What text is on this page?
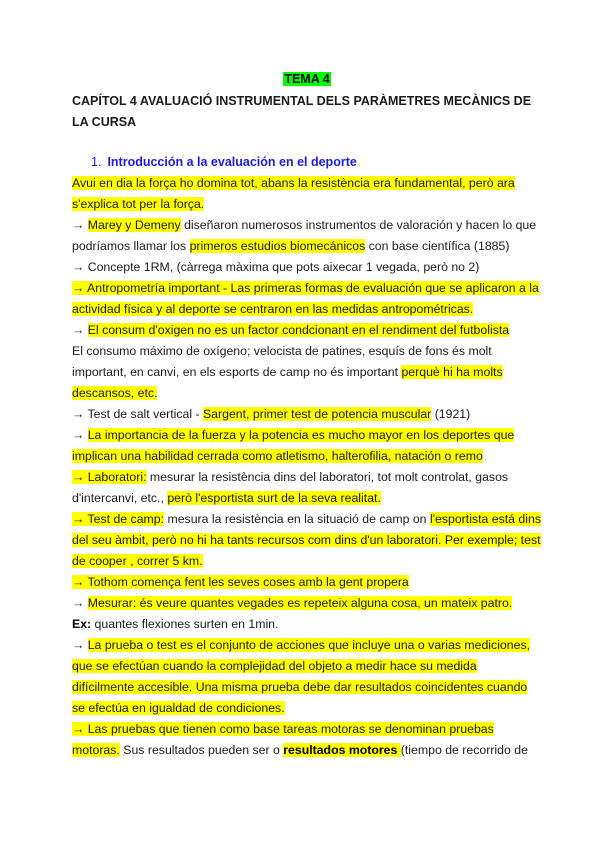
TEMA 4
CAPÍTOL 4 AVALUACIÓ INSTRUMENTAL DELS PARÀMETRES MECÀNICS DE LA CURSA
1. Introducción a la evaluación en el deporte

Avui en dia la força ho domina tot, abans la resistència era fundamental, però ara s'explica tot per la força.

→ Marey y Demeny diseñaron numerosos instrumentos de valoración y hacen lo que podríamos llamar los primeros estudios biomecánicos con base científica (1885)

→ Concepte 1RM, (càrrega màxima que pots aixecar 1 vegada, però no 2)

→ Antropometría important - Las primeras formas de evaluación que se aplicaron a la actividad física y al deporte se centraron en las medidas antropométricas.

→ El consum d'oxigen no es un factor condcionant en el rendiment del futbolista

El consumo máximo de oxígeno; velocista de patines, esquís de fons és molt important, en canvi, en els esports de camp no és important perquè hi ha molts descansos, etc.

→ Test de salt vertical - Sargent, primer test de potencia muscular (1921)

→ La importancia de la fuerza y la potencia es mucho mayor en los deportes que implican una habilidad cerrada como atletismo, halterofilia, natación o remo

→ Laboratori: mesurar la resistència dins del laboratori, tot molt controlat, gasos d'intercanvi, etc., però l'esportista surt de la seva realitat.

→ Test de camp: mesura la resistència en la situació de camp on l'esportista está dins del seu àmbit, però no hi ha tants recursos com dins d'un laboratori. Per exemple; test de cooper , correr 5 km.

→ Tothom comença fent les seves coses amb la gent propera

→ Mesurar: és veure quantes vegades es repeteix alguna cosa, un mateix patro.

Ex: quantes flexiones surten en 1min.

→ La prueba o test es el conjunto de acciones que incluye una o varias mediciones, que se efectúan cuando la complejidad del objeto a medir hace su medida difícilmente accesible. Una misma prueba debe dar resultados coincidentes cuando se efectúa en igualdad de condiciones.

→ Las pruebas que tienen como base tareas motoras se denominan pruebas motoras. Sus resultados pueden ser o resultados motores (tiempo de recorrido de
